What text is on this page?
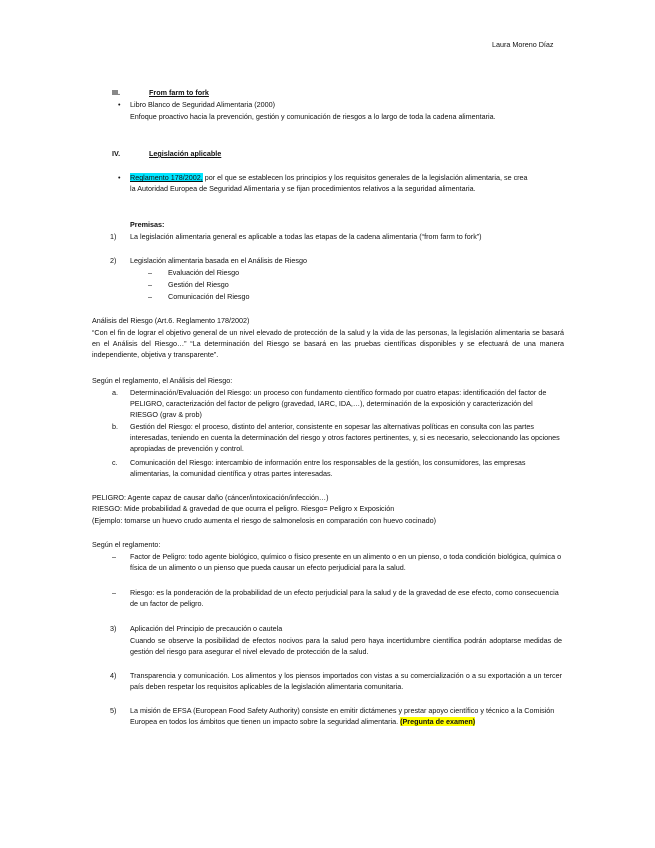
Laura Moreno Díaz
III.	From farm to fork
• Libro Blanco de Seguridad Alimentaria (2000)
Enfoque proactivo hacia la prevención, gestión y comunicación de riesgos a lo largo de toda la cadena alimentaria.
IV.	Legislación aplicable
• Reglamento 178/2002, por el que se establecen los principios y los requisitos generales de la legislación alimentaria, se crea la Autoridad Europea de Seguridad Alimentaria y se fijan procedimientos relativos a la seguridad alimentaria.
Premisas:
1) La legislación alimentaria general es aplicable a todas las etapas de la cadena alimentaria (“from farm to fork”)
2) Legislación alimentaria basada en el Análisis de Riesgo
– Evaluación del Riesgo
– Gestión del Riesgo
– Comunicación del Riesgo
Análisis del Riesgo (Art.6. Reglamento 178/2002)
“Con el fin de lograr el objetivo general de un nivel elevado de protección de la salud y la vida de las personas, la legislación alimentaria se basará en el Análisis del Riesgo…” “La determinación del Riesgo se basará en las pruebas científicas disponibles y se efectuará de una manera independiente, objetiva y transparente”.
Según el reglamento, el Análisis del Riesgo:
a. Determinación/Evaluación del Riesgo: un proceso con fundamento científico formado por cuatro etapas: identificación del factor de PELIGRO, caracterización del factor de peligro (gravedad, IARC, IDA,…), determinación de la exposición y caracterización del RIESGO (grav & prob)
b. Gestión del Riesgo: el proceso, distinto del anterior, consistente en sopesar las alternativas políticas en consulta con las partes interesadas, teniendo en cuenta la determinación del riesgo y otros factores pertinentes, y, si es necesario, seleccionando las opciones apropiadas de prevención y control.
c. Comunicación del Riesgo: intercambio de información entre los responsables de la gestión, los consumidores, las empresas alimentarias, la comunidad científica y otras partes interesadas.
PELIGRO: Agente capaz de causar daño (cáncer/intoxicación/infección…)
RIESGO: Mide probabilidad & gravedad de que ocurra el peligro. Riesgo= Peligro x Exposición
(Ejemplo: tomarse un huevo crudo aumenta el riesgo de salmonelosis en comparación con huevo cocinado)
Según el reglamento:
– Factor de Peligro: todo agente biológico, químico o físico presente en un alimento o en un pienso, o toda condición biológica, química o física de un alimento o un pienso que pueda causar un efecto perjudicial para la salud.
– Riesgo: es la ponderación de la probabilidad de un efecto perjudicial para la salud y de la gravedad de ese efecto, como consecuencia de un factor de peligro.
3) Aplicación del Principio de precaución o cautela
Cuando se observe la posibilidad de efectos nocivos para la salud pero haya incertidumbre científica podrán adoptarse medidas de gestión del riesgo para asegurar el nivel elevado de protección de la salud.
4) Transparencia y comunicación. Los alimentos y los piensos importados con vistas a su comercialización o a su exportación a un tercer país deben respetar los requisitos aplicables de la legislación alimentaria comunitaria.
5) La misión de EFSA (European Food Safety Authority) consiste en emitir dictámenes y prestar apoyo científico y técnico a la Comisión Europea en todos los ámbitos que tienen un impacto sobre la seguridad alimentaria. (Pregunta de examen)
